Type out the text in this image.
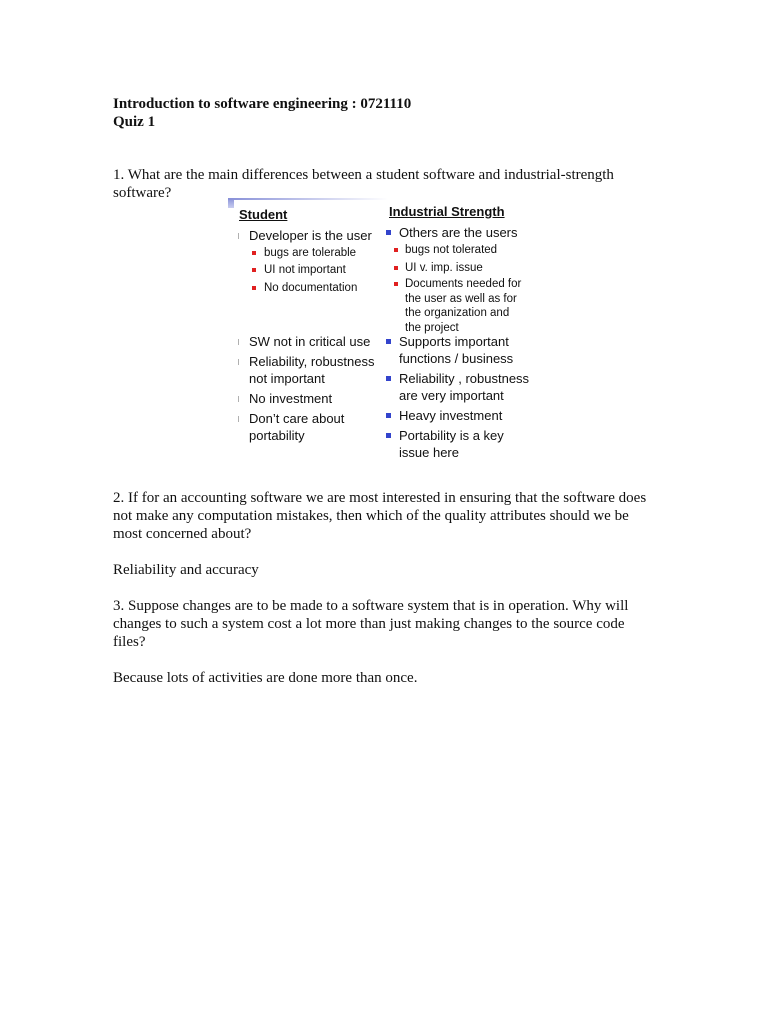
Introduction to software engineering : 0721110
Quiz 1
1. What are the main differences between a student software and industrial-strength software?
Student
Developer is the user
bugs are tolerable
UI not important
No documentation
SW not in critical use
Reliability, robustness
not important
No investment
Don’t care about
portability
Industrial Strength
Others are the users
bugs not tolerated
UI v. imp. issue
Documents needed for
the user as well as for
the organization and
the project
Supports important
functions / business
Reliability , robustness
are very important
Heavy investment
Portability is a key
issue here
2. If for an accounting software we are most interested in ensuring that the software does not make any computation mistakes, then which of the quality attributes should we be most concerned about?
Reliability and accuracy
3. Suppose changes are to be made to a software system that is in operation. Why will changes to such a system cost a lot more than just making changes to the source code files?
Because lots of activities are done more than once.
